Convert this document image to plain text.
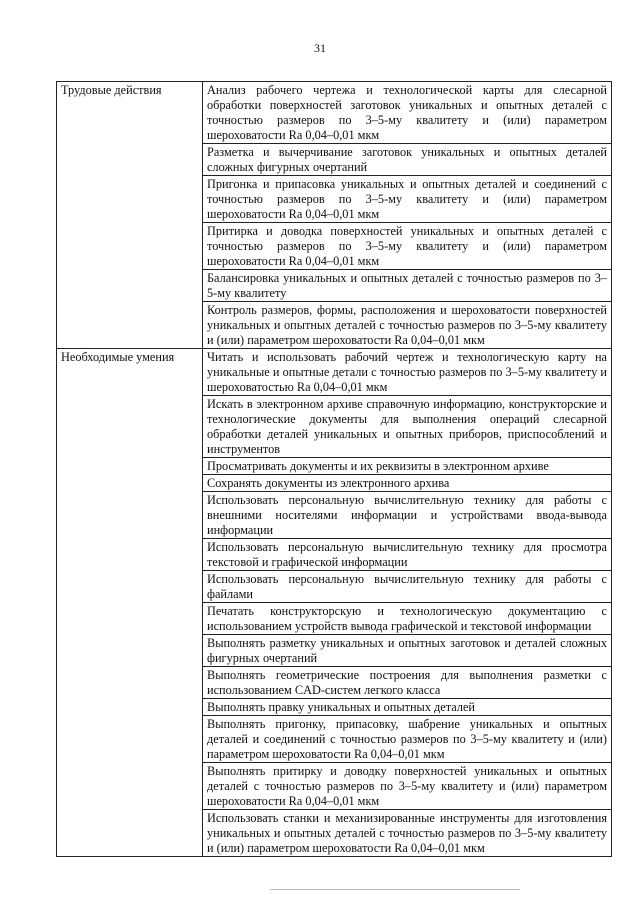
31
Трудовые действия	Анализ рабочего чертежа и технологической карты для слесарной обработки поверхностей заготовок уникальных и опытных деталей с точностью размеров по 3–5-му квалитету и (или) параметром шероховатости Ra 0,04–0,01 мкм
	Разметка и вычерчивание заготовок уникальных и опытных деталей сложных фигурных очертаний
	Пригонка и припасовка уникальных и опытных деталей и соединений с точностью размеров по 3–5-му квалитету и (или) параметром шероховатости Ra 0,04–0,01 мкм
	Притирка и доводка поверхностей уникальных и опытных деталей с точностью размеров по 3–5-му квалитету и (или) параметром шероховатости Ra 0,04–0,01 мкм
	Балансировка уникальных и опытных деталей с точностью размеров по 3–5-му квалитету
	Контроль размеров, формы, расположения и шероховатости поверхностей уникальных и опытных деталей с точностью размеров по 3–5-му квалитету и (или) параметром шероховатости Ra 0,04–0,01 мкм
Необходимые умения	Читать и использовать рабочий чертеж и технологическую карту на уникальные и опытные детали с точностью размеров по 3–5-му квалитету и шероховатостью Ra 0,04–0,01 мкм
	Искать в электронном архиве справочную информацию, конструкторские и технологические документы для выполнения операций слесарной обработки деталей уникальных и опытных приборов, приспособлений и инструментов
	Просматривать документы и их реквизиты в электронном архиве
	Сохранять документы из электронного архива
	Использовать персональную вычислительную технику для работы с внешними носителями информации и устройствами ввода-вывода информации
	Использовать персональную вычислительную технику для просмотра текстовой и графической информации
	Использовать персональную вычислительную технику для работы с файлами
	Печатать конструкторскую и технологическую документацию с использованием устройств вывода графической и текстовой информации
	Выполнять разметку уникальных и опытных заготовок и деталей сложных фигурных очертаний
	Выполнять геометрические построения для выполнения разметки с использованием CAD-систем легкого класса
	Выполнять правку уникальных и опытных деталей
	Выполнять пригонку, припасовку, шабрение уникальных и опытных деталей и соединений с точностью размеров по 3–5-му квалитету и (или) параметром шероховатости Ra 0,04–0,01 мкм
	Выполнять притирку и доводку поверхностей уникальных и опытных деталей с точностью размеров по 3–5-му квалитету и (или) параметром шероховатости Ra 0,04–0,01 мкм
	Использовать станки и механизированные инструменты для изготовления уникальных и опытных деталей с точностью размеров по 3–5-му квалитету и (или) параметром шероховатости Ra 0,04–0,01 мкм
